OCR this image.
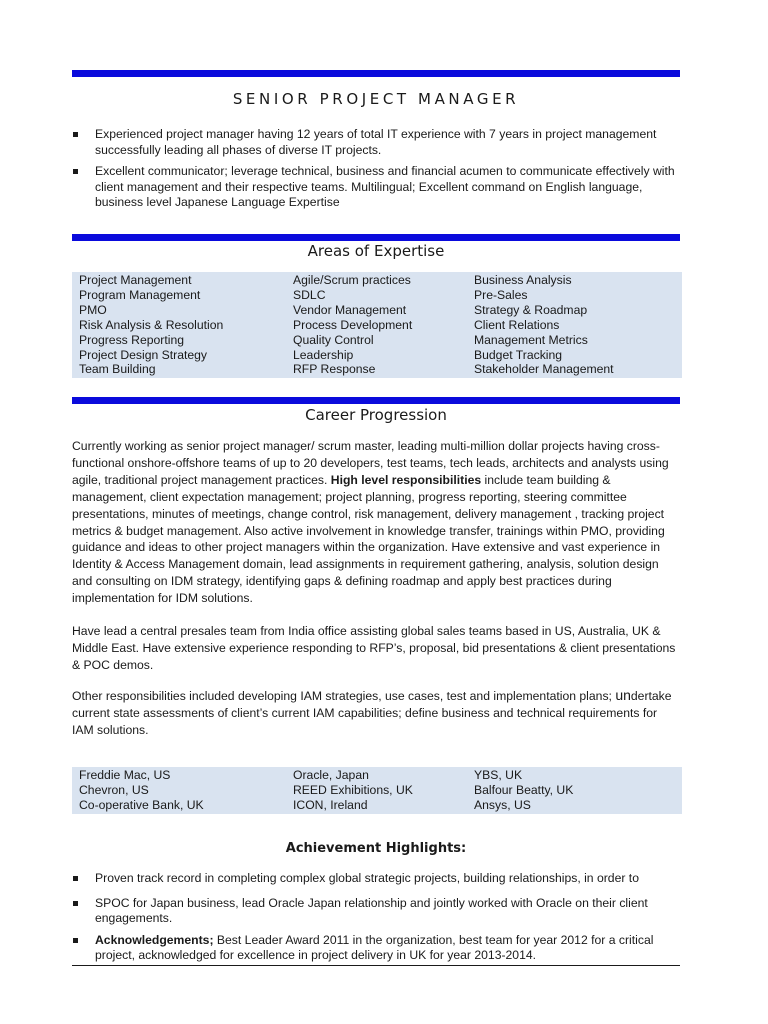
SENIOR PROJECT MANAGER
Experienced project manager having 12 years of total IT experience with 7 years in project management successfully leading all phases of diverse IT projects.
Excellent communicator; leverage technical, business and financial acumen to communicate effectively with client management and their respective teams. Multilingual; Excellent command on English language, business level Japanese Language Expertise
Areas of Expertise
Project Management
Program Management
PMO
Risk Analysis & Resolution
Progress Reporting
Project Design Strategy
Team Building
Agile/Scrum practices
SDLC
Vendor Management
Process Development
Quality Control
Leadership
RFP Response
Business Analysis
Pre-Sales
Strategy & Roadmap
Client Relations
Management Metrics
Budget Tracking
Stakeholder Management
Career Progression

Currently working as senior project manager/ scrum master, leading multi-million dollar projects having cross-functional onshore-offshore teams of up to 20 developers, test teams, tech leads, architects and analysts using agile, traditional project management practices. High level responsibilities include team building & management, client expectation management; project planning, progress reporting, steering committee presentations, minutes of meetings, change control, risk management, delivery management , tracking project metrics & budget management. Also active involvement in knowledge transfer, trainings within PMO, providing guidance and ideas to other project managers within the organization. Have extensive and vast experience in Identity & Access Management domain, lead assignments in requirement gathering, analysis, solution design and consulting on IDM strategy, identifying gaps & defining roadmap and apply best practices during implementation for IDM solutions.

Have lead a central presales team from India office assisting global sales teams based in US, Australia, UK & Middle East. Have extensive experience responding to RFP’s, proposal, bid presentations & client presentations & POC demos.

Other responsibilities included developing IAM strategies, use cases, test and implementation plans; undertake current state assessments of client’s current IAM capabilities; define business and technical requirements for IAM solutions.

Freddie Mac, US
Chevron, US
Co-operative Bank, UK
Oracle, Japan
REED Exhibitions, UK
ICON, Ireland
YBS, UK
Balfour Beatty, UK
Ansys, US
Achievement Highlights:
Proven track record in completing complex global strategic projects, building relationships, in order to
SPOC for Japan business, lead Oracle Japan relationship and jointly worked with Oracle on their client engagements.
Acknowledgements; Best Leader Award 2011 in the organization, best team for year 2012 for a critical project, acknowledged for excellence in project delivery in UK for year 2013-2014.
